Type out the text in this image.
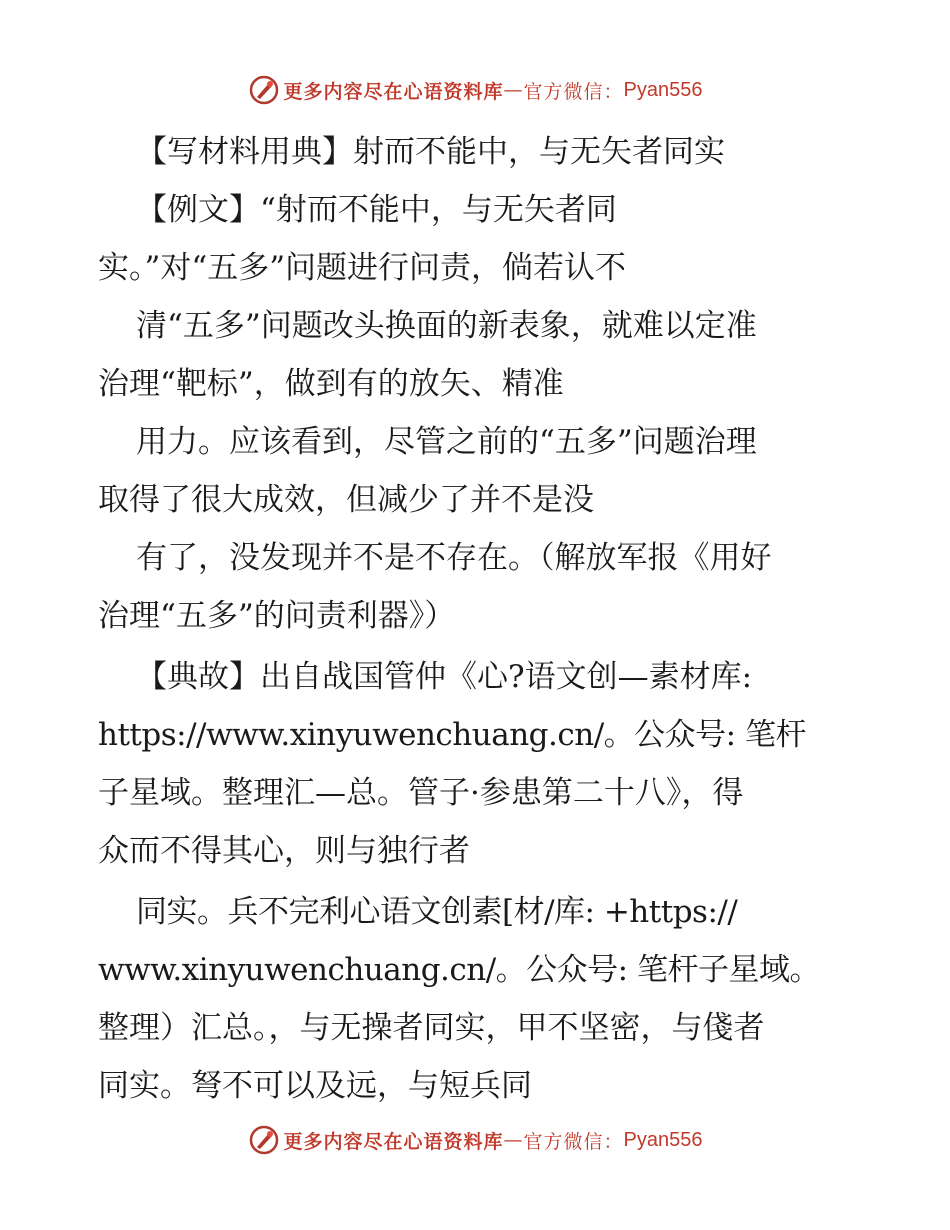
更多内容尽在心语资料库 — 官方微信： Pyan556
【写材料用典】射而不能中，与无矢者同实
【例文】“射而不能中，与无矢者同
实。”对“五多”问题进行问责，倘若认不
清“五多”问题改头换面的新表象，就难以定准
治理“靶标”，做到有的放矢、精准
用力。应该看到，尽管之前的“五多”问题治理
取得了很大成效，但减少了并不是没
有了，没发现并不是不存在。（解放军报《用好
治理“五多”的问责利器》）
【典故】出自战国管仲《心?语文创—素材库:
https://www.xinyuwenchuang.cn/。公众号: 笔杆
子星域。整理汇—总。管子·参患第二十八》，得
众而不得其心，则与独行者
同实。兵不完利心语文创素[材/库: +https://
www.xinyuwenchuang.cn/。公众号: 笔杆子星域。
整理）汇总。，与无操者同实，甲不坚密，与俴者
同实。弩不可以及远，与短兵同
更多内容尽在心语资料库 — 官方微信： Pyan556
